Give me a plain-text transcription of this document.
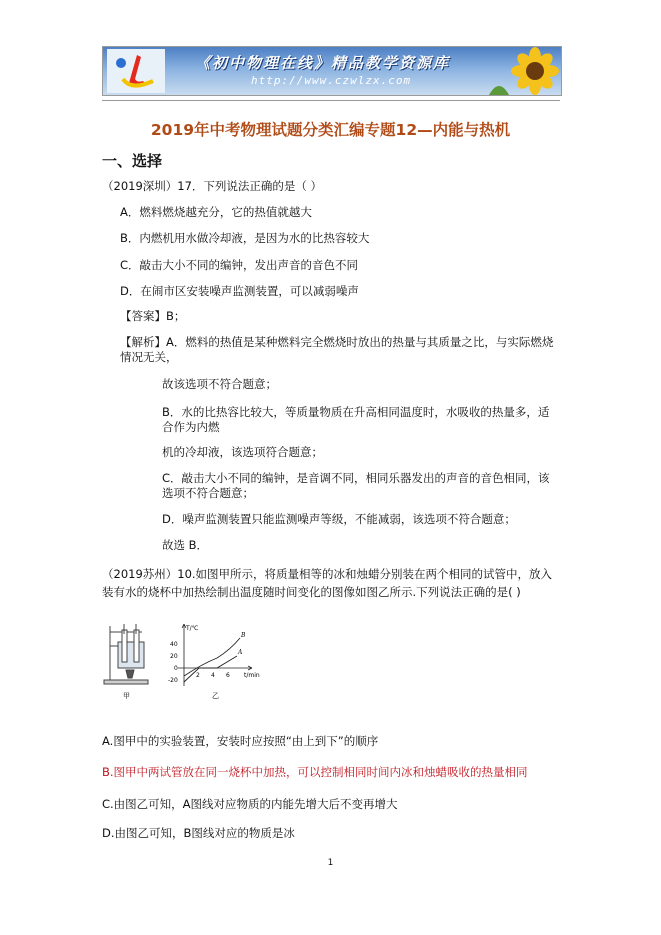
《初中物理在线》精品教学资源库
http://www.czwlzx.com
2019年中考物理试题分类汇编专题12—内能与热机
一、选择
（2019深圳）17．下列说法正确的是（ ）
A．燃料燃烧越充分，它的热值就越大
B．内燃机用水做冷却液，是因为水的比热容较大
C．敲击大小不同的编钟，发出声音的音色不同
D．在闹市区安装噪声监测装置，可以减弱噪声
【答案】B；
【解析】A．燃料的热值是某种燃料完全燃烧时放出的热量与其质量之比，与实际燃烧
情况无关，
故该选项不符合题意；
B．水的比热容比较大，等质量物质在升高相同温度时，水吸收的热量多，适
合作为内燃
机的冷却液，该选项符合题意；
C．敲击大小不同的编钟，是音调不同，相同乐器发出的声音的音色相同，该
选项不符合题意；
D．噪声监测装置只能监测噪声等级，不能减弱，该选项不符合题意；
故选 B．
（2019苏州）10.如图甲所示，将质量相等的冰和烛蜡分别装在两个相同的试管中，放入
装有水的烧杯中加热绘制出温度随时间变化的图像如图乙所示.下列说法正确的是( )
甲
T/℃
t/min
40
20
0
-20
2 4 6
A
B
乙
A.图甲中的实验装置，安装时应按照“由上到下”的顺序
B.图甲中两试管放在同一烧杯中加热，可以控制相同时间内冰和烛蜡吸收的热量相同
C.由图乙可知，A图线对应物质的内能先增大后不变再增大
D.由图乙可知，B图线对应的物质是冰
1
